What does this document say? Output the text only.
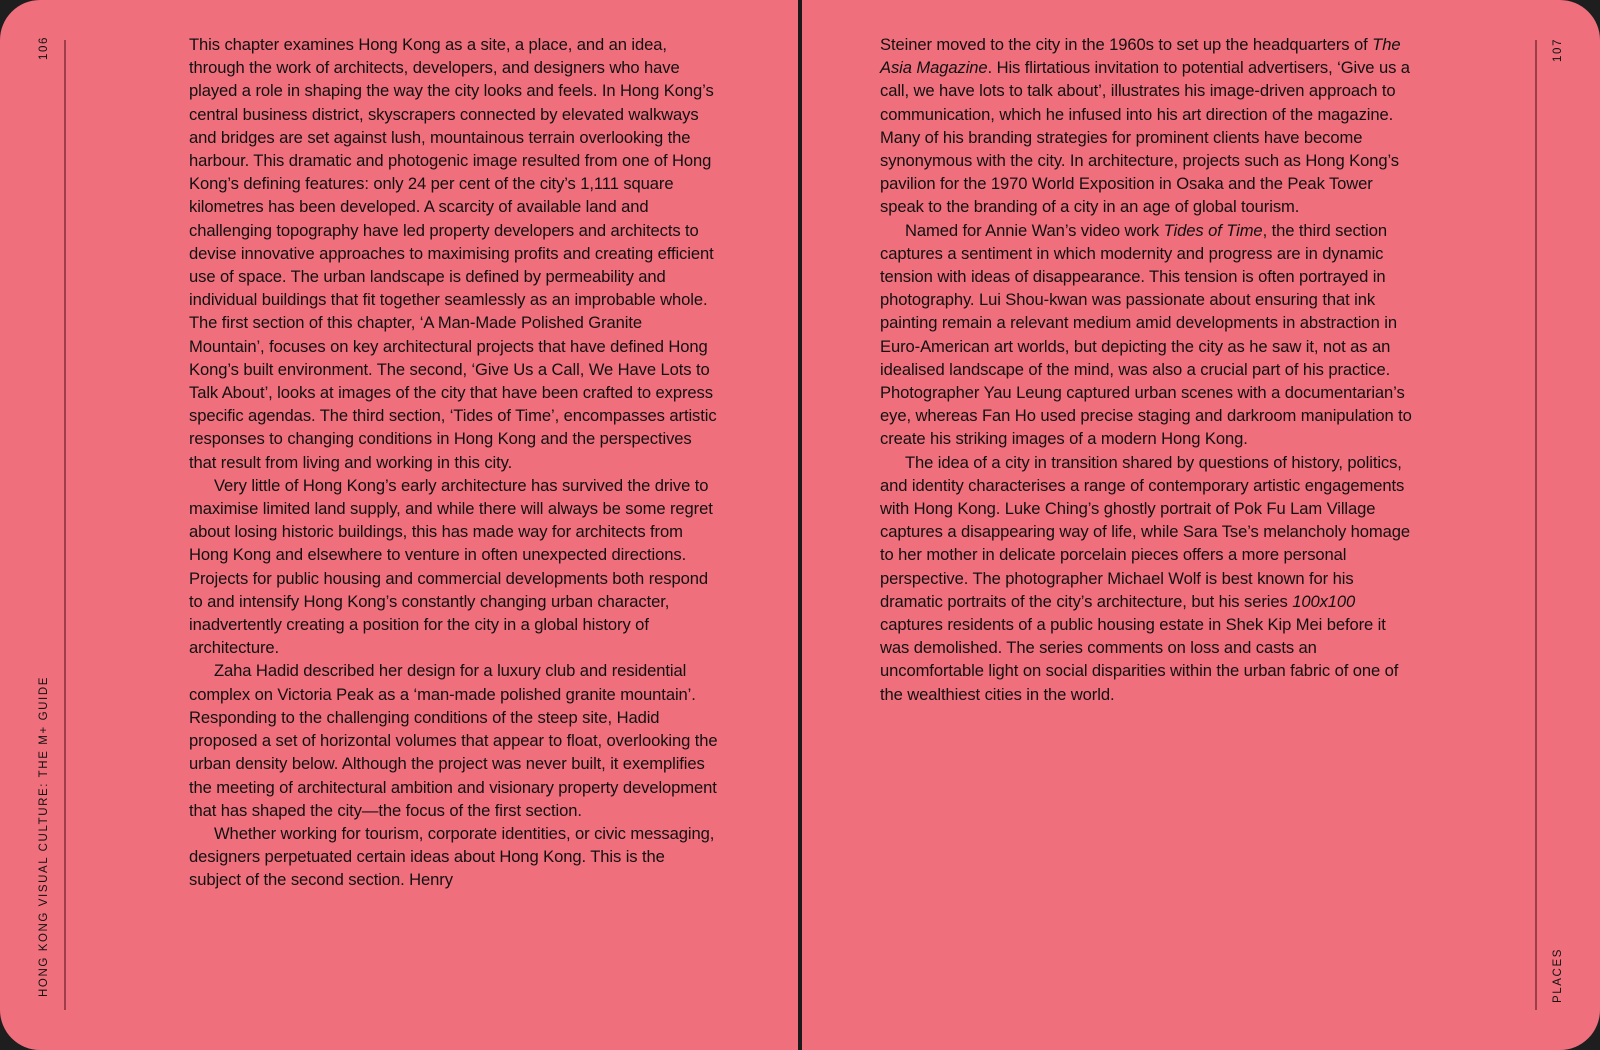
106
HONG KONG VISUAL CULTURE: THE M+ GUIDE

This chapter examines Hong Kong as a site, a place, and an idea, through the work of architects, developers, and designers who have played a role in shaping the way the city looks and feels. In Hong Kong’s central business district, skyscrapers connected by elevated walkways and bridges are set against lush, mountainous terrain overlooking the harbour. This dramatic and photogenic image resulted from one of Hong Kong’s defining features: only 24 per cent of the city’s 1,111 square kilometres has been developed. A scarcity of available land and challenging topography have led property developers and architects to devise innovative approaches to maximising profits and creating efficient use of space. The urban landscape is defined by permeability and individual buildings that fit together seamlessly as an improbable whole. The first section of this chapter, ‘A Man-Made Polished Granite Mountain’, focuses on key architectural projects that have defined Hong Kong’s built environment. The second, ‘Give Us a Call, We Have Lots to Talk About’, looks at images of the city that have been crafted to express specific agendas. The third section, ‘Tides of Time’, encompasses artistic responses to changing conditions in Hong Kong and the perspectives that result from living and working in this city.

Very little of Hong Kong’s early architecture has survived the drive to maximise limited land supply, and while there will always be some regret about losing historic buildings, this has made way for architects from Hong Kong and elsewhere to venture in often unexpected directions. Projects for public housing and commercial developments both respond to and intensify Hong Kong’s constantly changing urban character, inadvertently creating a position for the city in a global history of architecture.

Zaha Hadid described her design for a luxury club and residential complex on Victoria Peak as a ‘man-made polished granite mountain’. Responding to the challenging conditions of the steep site, Hadid proposed a set of horizontal volumes that appear to float, overlooking the urban density below. Although the project was never built, it exemplifies the meeting of architectural ambition and visionary property development that has shaped the city—the focus of the first section.

Whether working for tourism, corporate identities, or civic messaging, designers perpetuated certain ideas about Hong Kong. This is the subject of the second section. Henry

107
PLACES

Steiner moved to the city in the 1960s to set up the headquarters of The Asia Magazine. His flirtatious invitation to potential advertisers, ‘Give us a call, we have lots to talk about’, illustrates his image-driven approach to communication, which he infused into his art direction of the magazine. Many of his branding strategies for prominent clients have become synonymous with the city. In architecture, projects such as Hong Kong’s pavilion for the 1970 World Exposition in Osaka and the Peak Tower speak to the branding of a city in an age of global tourism.

Named for Annie Wan’s video work Tides of Time, the third section captures a sentiment in which modernity and progress are in dynamic tension with ideas of disappearance. This tension is often portrayed in photography. Lui Shou-kwan was passionate about ensuring that ink painting remain a relevant medium amid developments in abstraction in Euro-American art worlds, but depicting the city as he saw it, not as an idealised landscape of the mind, was also a crucial part of his practice. Photographer Yau Leung captured urban scenes with a documentarian’s eye, whereas Fan Ho used precise staging and darkroom manipulation to create his striking images of a modern Hong Kong.

The idea of a city in transition shared by questions of history, politics, and identity characterises a range of contemporary artistic engagements with Hong Kong. Luke Ching’s ghostly portrait of Pok Fu Lam Village captures a disappearing way of life, while Sara Tse’s melancholy homage to her mother in delicate porcelain pieces offers a more personal perspective. The photographer Michael Wolf is best known for his dramatic portraits of the city’s architecture, but his series 100x100 captures residents of a public housing estate in Shek Kip Mei before it was demolished. The series comments on loss and casts an uncomfortable light on social disparities within the urban fabric of one of the wealthiest cities in the world.
